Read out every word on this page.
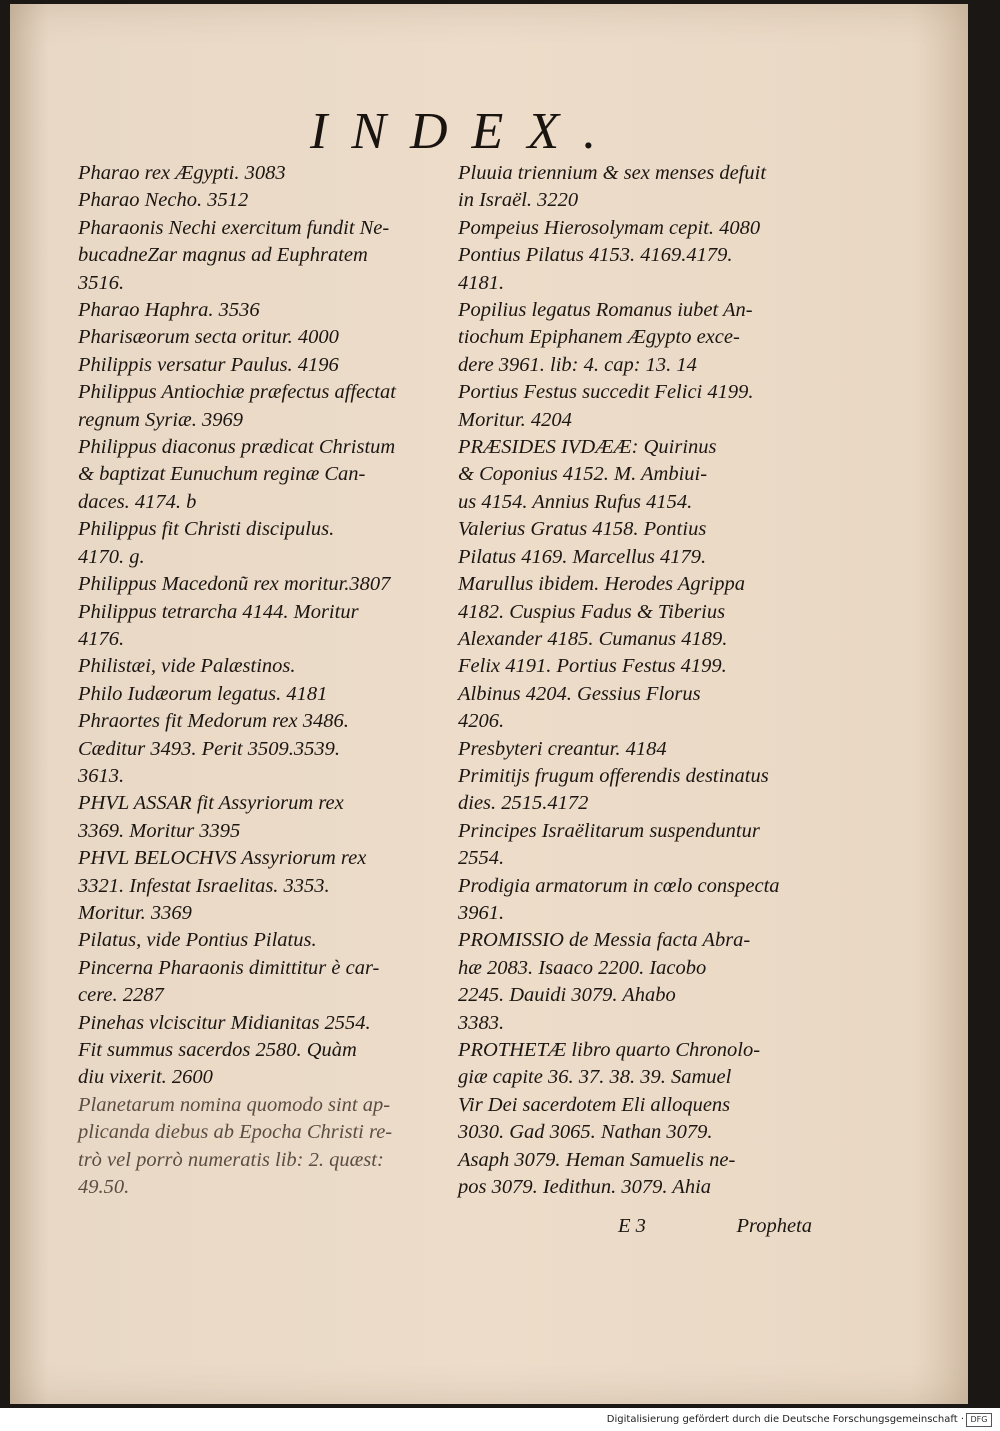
INDEX.
Pharao rex Ægypti. 3083
Pharao Necho. 3512
Pharaonis Nechi exercitum fundit Ne-
bucadneZar magnus ad Euphratem
3516.
Pharao Haphra. 3536
Pharisæorum secta oritur. 4000
Philippis versatur Paulus. 4196
Philippus Antiochiæ præfectus affectat
regnum Syriæ. 3969
Philippus diaconus prædicat Christum
& baptizat Eunuchum reginæ Can-
daces. 4174. b
Philippus fit Christi discipulus.
4170. g.
Philippus Macedonũ rex moritur.3807
Philippus tetrarcha 4144. Moritur
4176.
Philistæi, vide Palæstinos.
Philo Iudæorum legatus. 4181
Phraortes fit Medorum rex 3486.
Cæditur 3493. Perit 3509.3539.
3613.
PHVL ASSAR fit Assyriorum rex
3369. Moritur 3395
PHVL BELOCHVS Assyriorum rex
3321. Infestat Israelitas. 3353.
Moritur. 3369
Pilatus, vide Pontius Pilatus.
Pincerna Pharaonis dimittitur è car-
cere. 2287
Pinehas vlciscitur Midianitas 2554.
Fit summus sacerdos 2580. Quàm
diu vixerit. 2600
Planetarum nomina quomodo sint ap-
plicanda diebus ab Epocha Christi re-
trò vel porrò numeratis lib: 2. quæst:
49.50.
Pluuia triennium & sex menses defuit
in Israël. 3220
Pompeius Hierosolymam cepit. 4080
Pontius Pilatus 4153. 4169.4179.
4181.
Popilius legatus Romanus iubet An-
tiochum Epiphanem Ægypto exce-
dere 3961. lib: 4. cap: 13. 14
Portius Festus succedit Felici 4199.
Moritur. 4204
PRÆSIDES IVDÆÆ: Quirinus
& Coponius 4152. M. Ambiui-
us 4154. Annius Rufus 4154.
Valerius Gratus 4158. Pontius
Pilatus 4169. Marcellus 4179.
Marullus ibidem. Herodes Agrippa
4182. Cuspius Fadus & Tiberius
Alexander 4185. Cumanus 4189.
Felix 4191. Portius Festus 4199.
Albinus 4204. Gessius Florus
4206.
Presbyteri creantur. 4184
Primitijs frugum offerendis destinatus
dies. 2515.4172
Principes Israëlitarum suspenduntur
2554.
Prodigia armatorum in cœlo conspecta
3961.
PROMISSIO de Messia facta Abra-
hæ 2083. Isaaco 2200. Iacobo
2245. Dauidi 3079. Ahabo
3383.
PROTHETÆ libro quarto Chronolo-
giæ capite 36. 37. 38. 39. Samuel
Vir Dei sacerdotem Eli alloquens
3030. Gad 3065. Nathan 3079.
Asaph 3079. Heman Samuelis ne-
pos 3079. Iedithun. 3079. Ahia
E 3	Propheta
Digitalisierung gefördert durch die Deutsche Forschungsgemeinschaft · DFG
